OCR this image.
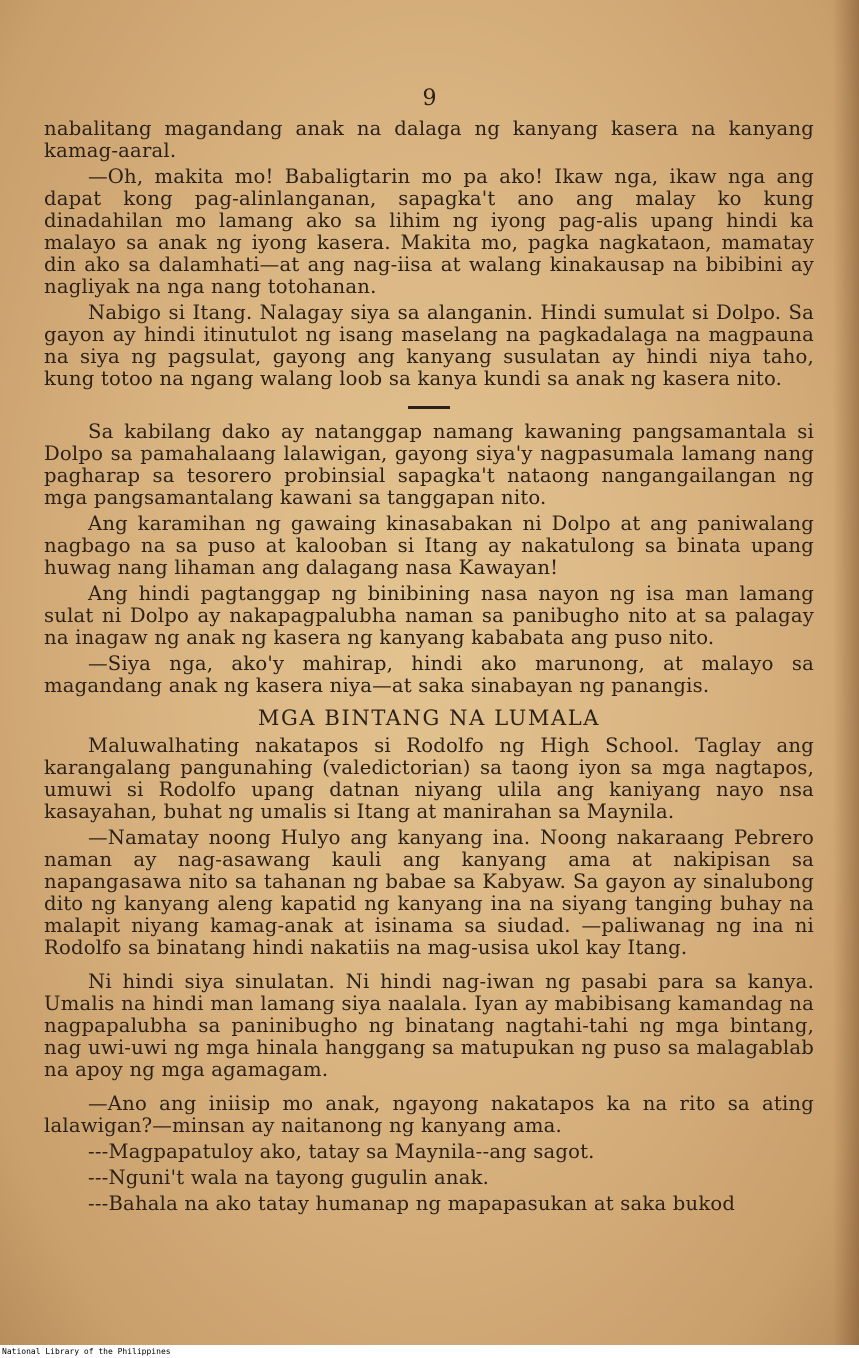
9

nabalitang magandang anak na dalaga ng kanyang kasera na kanyang kamag-aaral.

—Oh, makita mo! Babaligtarin mo pa ako! Ikaw nga, ikaw nga ang dapat kong pag-alinlanganan, sapagka't ano ang malay ko kung dinadahilan mo lamang ako sa lihim ng iyong pag-alis upang hindi ka malayo sa anak ng iyong kasera. Makita mo, pagka nagkataon, mamatay din ako sa dalamhati—at ang nag-iisa at walang kinakausap na bibibini ay nagliyak na nga nang totohanan.

Nabigo si Itang. Nalagay siya sa alanganin. Hindi sumulat si Dolpo. Sa gayon ay hindi itinutulot ng isang maselang na pagkadalaga na magpauna na siya ng pagsulat, gayong ang kanyang susulatan ay hindi niya taho, kung totoo na ngang walang loob sa kanya kundi sa anak ng kasera nito.

Sa kabilang dako ay natanggap namang kawaning pangsamantala si Dolpo sa pamahalaang lalawigan, gayong siya'y nagpasumala lamang nang pagharap sa tesorero probinsial sapagka't nataong nangangailangan ng mga pangsamantalang kawani sa tanggapan nito.

Ang karamihan ng gawaing kinasabakan ni Dolpo at ang paniwalang nagbago na sa puso at kalooban si Itang ay nakatulong sa binata upang huwag nang lihaman ang dalagang nasa Kawayan!

Ang hindi pagtanggap ng binibining nasa nayon ng isa man lamang sulat ni Dolpo ay nakapagpalubha naman sa panibugho nito at sa palagay na inagaw ng anak ng kasera ng kanyang kababata ang puso nito.

—Siya nga, ako'y mahirap, hindi ako marunong, at malayo sa magandang anak ng kasera niya—at saka sinabayan ng panangis.

MGA BINTANG NA LUMALA

Maluwalhating nakatapos si Rodolfo ng High School. Taglay ang karangalang pangunahing (valedictorian) sa taong iyon sa mga nagtapos, umuwi si Rodolfo upang datnan niyang ulila ang kaniyang nayo nsa kasayahan, buhat ng umalis si Itang at manirahan sa Maynila.

—Namatay noong Hulyo ang kanyang ina. Noong nakaraang Pebrero naman ay nag-asawang kauli ang kanyang ama at nakipisan sa napangasawa nito sa tahanan ng babae sa Kabyaw. Sa gayon ay sinalubong dito ng kanyang aleng kapatid ng kanyang ina na siyang tanging buhay na malapit niyang kamag-anak at isinama sa siudad. —paliwanag ng ina ni Rodolfo sa binatang hindi nakatiis na mag-usisa ukol kay Itang.

Ni hindi siya sinulatan. Ni hindi nag-iwan ng pasabi para sa kanya. Umalis na hindi man lamang siya naalala. Iyan ay mabibisang kamandag na nagpapalubha sa paninibugho ng binatang nagtahi-tahi ng mga bintang, nag uwi-uwi ng mga hinala hanggang sa matupukan ng puso sa malagablab na apoy ng mga agamagam.

—Ano ang iniisip mo anak, ngayong nakatapos ka na rito sa ating lalawigan?—minsan ay naitanong ng kanyang ama.

---Magpapatuloy ako, tatay sa Maynila--ang sagot.

---Nguni't wala na tayong gugulin anak.

---Bahala na ako tatay humanap ng mapapasukan at saka bukod

National Library of the Philippines
